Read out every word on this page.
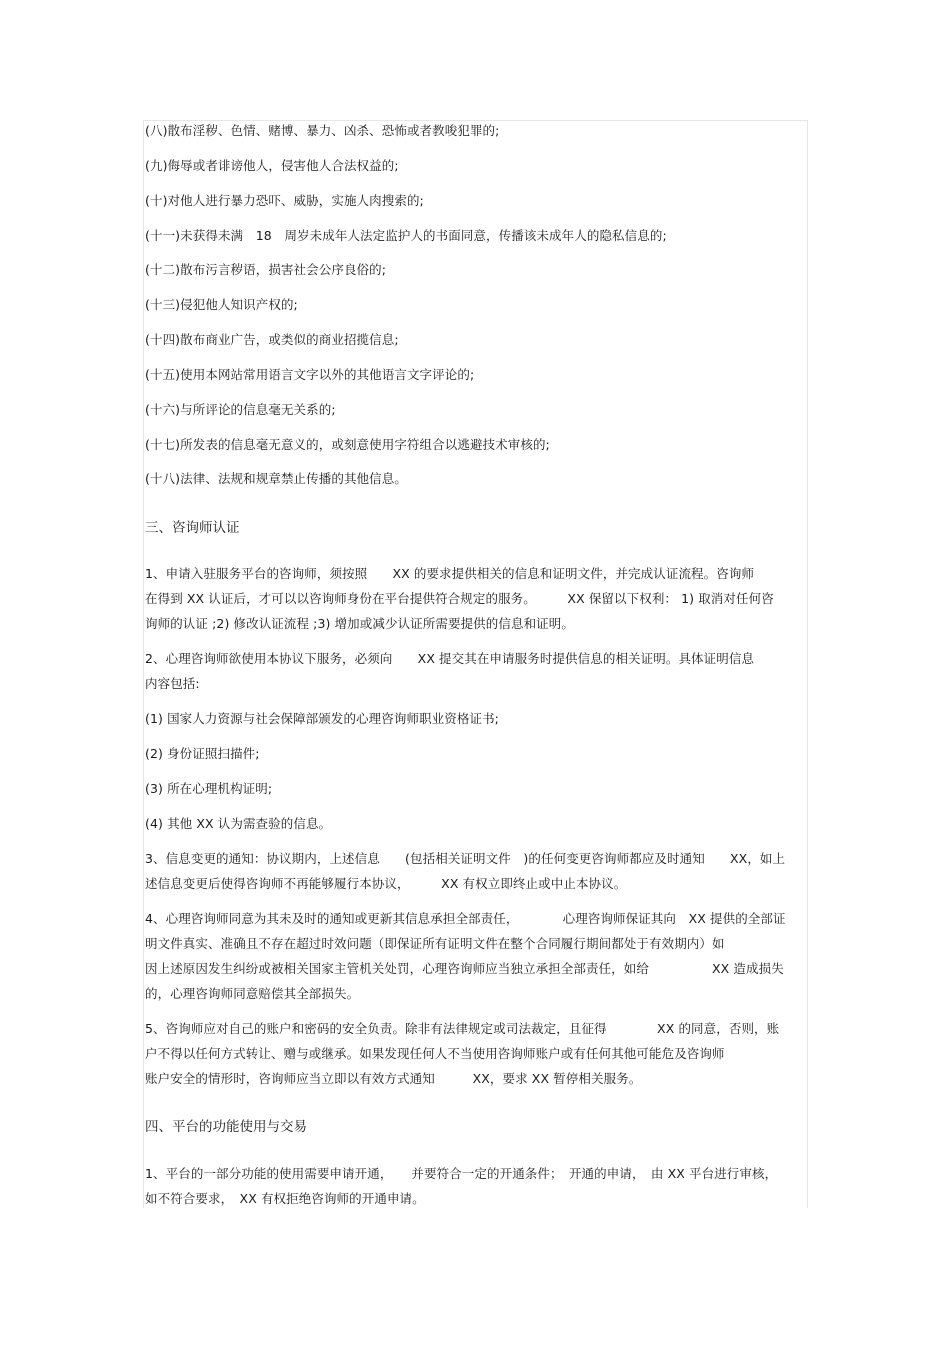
(八)散布淫秽、色情、赌博、暴力、凶杀、恐怖或者教唆犯罪的;
(九)侮辱或者诽谤他人，侵害他人合法权益的;
(十)对他人进行暴力恐吓、威胁，实施人肉搜索的;
(十一)未获得未满　18　周岁未成年人法定监护人的书面同意，传播该未成年人的隐私信息的;
(十二)散布污言秽语，损害社会公序良俗的;
(十三)侵犯他人知识产权的;
(十四)散布商业广告，或类似的商业招揽信息;
(十五)使用本网站常用语言文字以外的其他语言文字评论的;
(十六)与所评论的信息毫无关系的;
(十七)所发表的信息毫无意义的，或刻意使用字符组合以逃避技术审核的;
(十八)法律、法规和规章禁止传播的其他信息。
三、咨询师认证
1、申请入驻服务平台的咨询师，须按照　　XX 的要求提供相关的信息和证明文件，并完成认证流程。咨询师
在得到 XX 认证后，才可以以咨询师身份在平台提供符合规定的服务。　　　XX 保留以下权利： 1) 取消对任何咨
询师的认证 ;2) 修改认证流程 ;3) 增加或减少认证所需要提供的信息和证明。
2、心理咨询师欲使用本协议下服务，必须向　　XX 提交其在申请服务时提供信息的相关证明。具体证明信息
内容包括:
(1) 国家人力资源与社会保障部颁发的心理咨询师职业资格证书;
(2) 身份证照扫描件;
(3) 所在心理机构证明;
(4) 其他 XX 认为需查验的信息。
3、信息变更的通知：协议期内，上述信息　　(包括相关证明文件　)的任何变更咨询师都应及时通知　　XX，如上
述信息变更后使得咨询师不再能够履行本协议，　　　XX 有权立即终止或中止本协议。
4、心理咨询师同意为其未及时的通知或更新其信息承担全部责任，　　　　心理咨询师保证其向　XX 提供的全部证
明文件真实、准确且不存在超过时效问题（即保证所有证明文件在整个合同履行期间都处于有效期内）如
因上述原因发生纠纷或被相关国家主管机关处罚，心理咨询师应当独立承担全部责任，如给　　　　　XX 造成损失
的，心理咨询师同意赔偿其全部损失。
5、咨询师应对自己的账户和密码的安全负责。除非有法律规定或司法裁定，且征得　　　　XX 的同意，否则，账
户不得以任何方式转让、赠与或继承。如果发现任何人不当使用咨询师账户或有任何其他可能危及咨询师
账户安全的情形时，咨询师应当立即以有效方式通知　　　XX，要求 XX 暂停相关服务。
四、平台的功能使用与交易
1、平台的一部分功能的使用需要申请开通，　　并要符合一定的开通条件；　开通的申请，　由 XX 平台进行审核，
如不符合要求，　XX 有权拒绝咨询师的开通申请。
